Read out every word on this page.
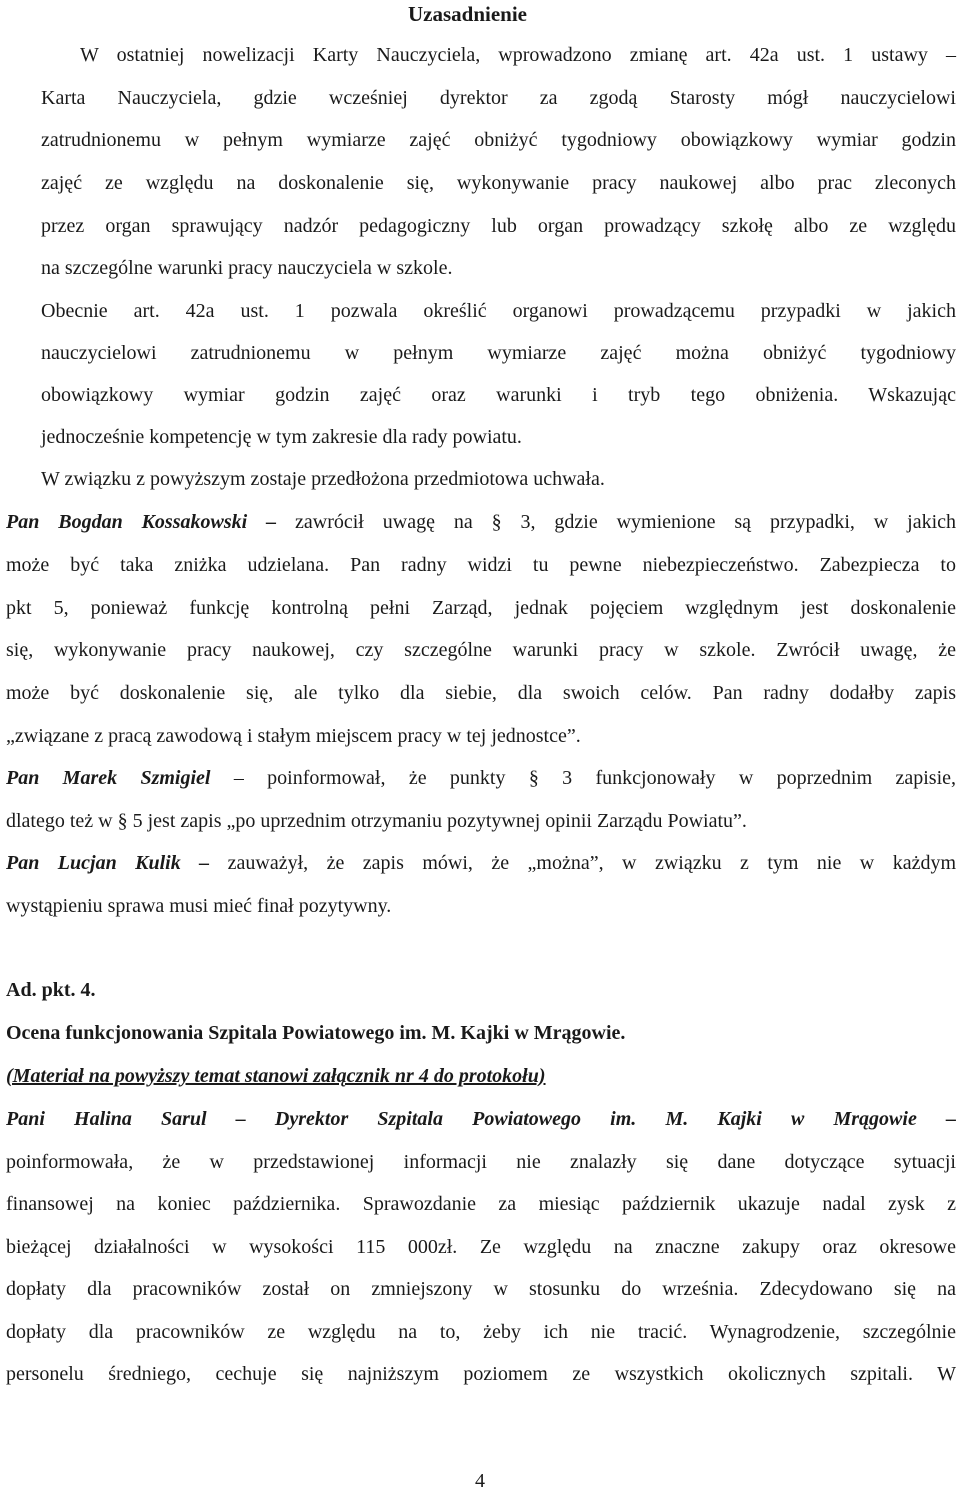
Uzasadnienie
W ostatniej nowelizacji Karty Nauczyciela, wprowadzono zmianę art. 42a ust. 1 ustawy –
Karta Nauczyciela, gdzie wcześniej dyrektor za zgodą Starosty mógł nauczycielowi
zatrudnionemu w pełnym wymiarze zajęć obniżyć tygodniowy obowiązkowy wymiar godzin
zajęć ze względu na doskonalenie się, wykonywanie pracy naukowej albo prac zleconych
przez organ sprawujący nadzór pedagogiczny lub organ prowadzący szkołę albo ze względu
na szczególne warunki pracy nauczyciela w szkole.
Obecnie art. 42a ust. 1 pozwala określić organowi prowadzącemu przypadki w jakich
nauczycielowi zatrudnionemu w pełnym wymiarze zajęć można obniżyć tygodniowy
obowiązkowy wymiar godzin zajęć oraz warunki i tryb tego obniżenia. Wskazując
jednocześnie kompetencję w tym zakresie dla rady powiatu.
W związku z powyższym zostaje przedłożona przedmiotowa uchwała.
Pan Bogdan Kossakowski – zawrócił uwagę na § 3, gdzie wymienione są przypadki, w jakich
może być taka zniżka udzielana. Pan radny widzi tu pewne niebezpieczeństwo. Zabezpiecza to
pkt 5, ponieważ funkcję kontrolną pełni Zarząd, jednak pojęciem względnym jest doskonalenie
się, wykonywanie pracy naukowej, czy szczególne warunki pracy w szkole. Zwrócił uwagę, że
może być doskonalenie się, ale tylko dla siebie, dla swoich celów. Pan radny dodałby zapis
„związane z pracą zawodową i stałym miejscem pracy w tej jednostce”.
Pan Marek Szmigiel – poinformował, że punkty § 3 funkcjonowały w poprzednim zapisie,
dlatego też w § 5 jest zapis „po uprzednim otrzymaniu pozytywnej opinii Zarządu Powiatu”.
Pan Lucjan Kulik – zauważył, że zapis mówi, że „można”, w związku z tym nie w każdym
wystąpieniu sprawa musi mieć finał pozytywny.
Ad. pkt. 4.
Ocena funkcjonowania Szpitala Powiatowego im. M. Kajki w Mrągowie.
(Materiał na powyższy temat stanowi załącznik nr 4 do protokołu)
Pani Halina Sarul – Dyrektor Szpitala Powiatowego im. M. Kajki w Mrągowie –
poinformowała, że w przedstawionej informacji nie znalazły się dane dotyczące sytuacji
finansowej na koniec października. Sprawozdanie za miesiąc październik ukazuje nadal zysk z
bieżącej działalności w wysokości 115 000zł. Ze względu na znaczne zakupy oraz okresowe
dopłaty dla pracowników został on zmniejszony w stosunku do września. Zdecydowano się na
dopłaty dla pracowników ze względu na to, żeby ich nie tracić. Wynagrodzenie, szczególnie
personelu średniego, cechuje się najniższym poziomem ze wszystkich okolicznych szpitali. W
4
